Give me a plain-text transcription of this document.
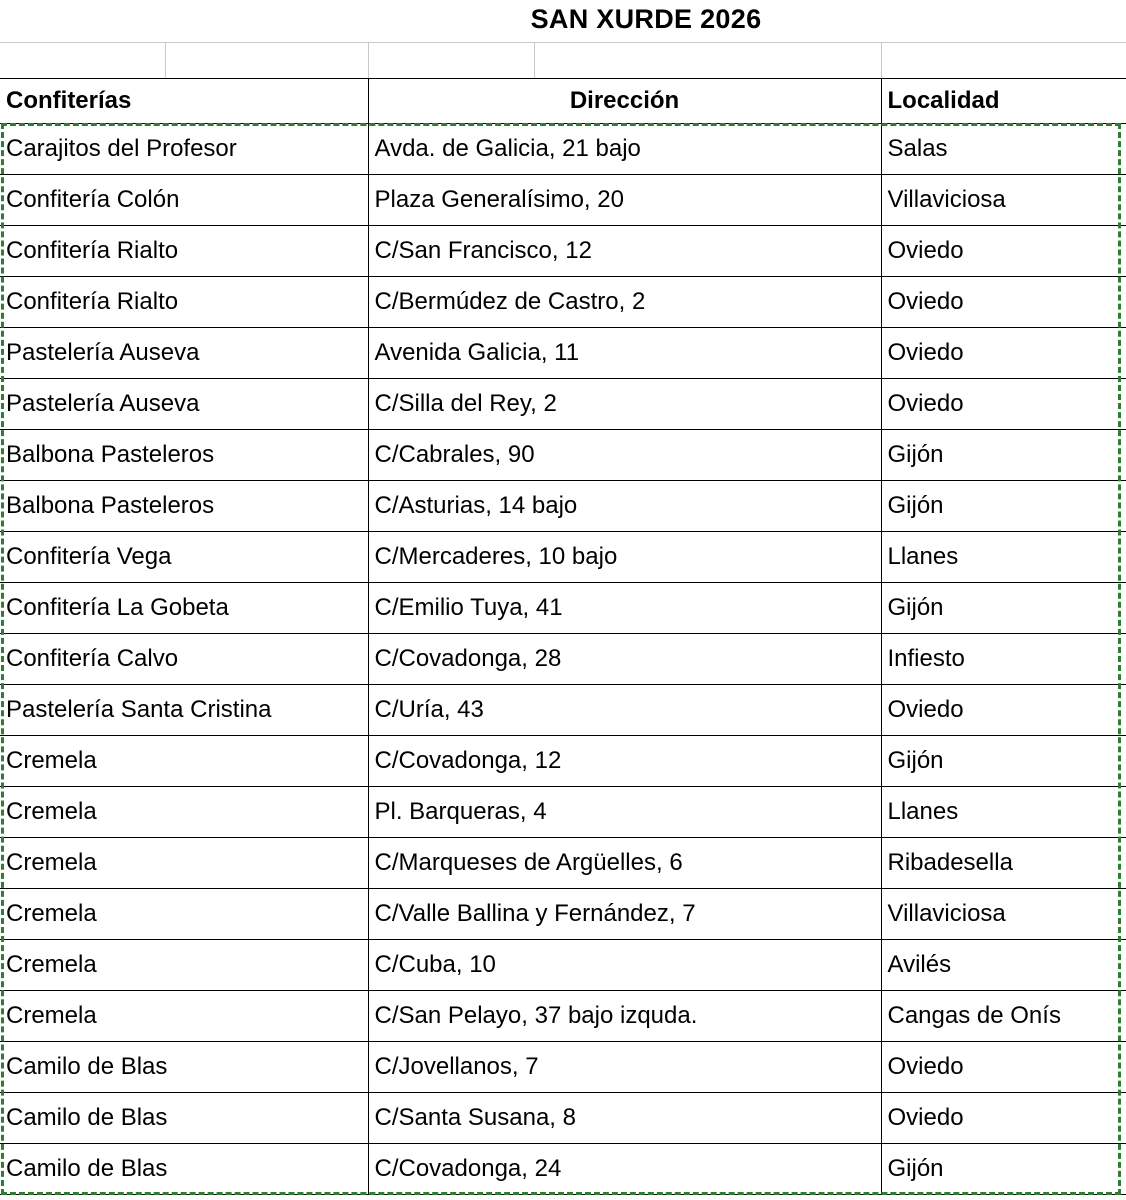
SAN XURDE 2026
Confiterías	Dirección	Localidad
Carajitos del Profesor	Avda. de Galicia, 21 bajo	Salas
Confitería Colón	Plaza Generalísimo, 20	Villaviciosa
Confitería Rialto	C/San Francisco, 12	Oviedo
Confitería Rialto	C/Bermúdez de Castro, 2	Oviedo
Pastelería Auseva	Avenida Galicia, 11	Oviedo
Pastelería Auseva	C/Silla del Rey, 2	Oviedo
Balbona Pasteleros	C/Cabrales, 90	Gijón
Balbona Pasteleros	C/Asturias, 14 bajo	Gijón
Confitería Vega	C/Mercaderes, 10 bajo	Llanes
Confitería La Gobeta	C/Emilio Tuya, 41	Gijón
Confitería Calvo	C/Covadonga, 28	Infiesto
Pastelería Santa Cristina	C/Uría, 43	Oviedo
Cremela	C/Covadonga, 12	Gijón
Cremela	Pl. Barqueras, 4	Llanes
Cremela	C/Marqueses de Argüelles, 6	Ribadesella
Cremela	C/Valle Ballina y Fernández, 7	Villaviciosa
Cremela	C/Cuba, 10	Avilés
Cremela	C/San Pelayo, 37 bajo izquda.	Cangas de Onís
Camilo de Blas	C/Jovellanos, 7	Oviedo
Camilo de Blas	C/Santa Susana, 8	Oviedo
Camilo de Blas	C/Covadonga, 24	Gijón
